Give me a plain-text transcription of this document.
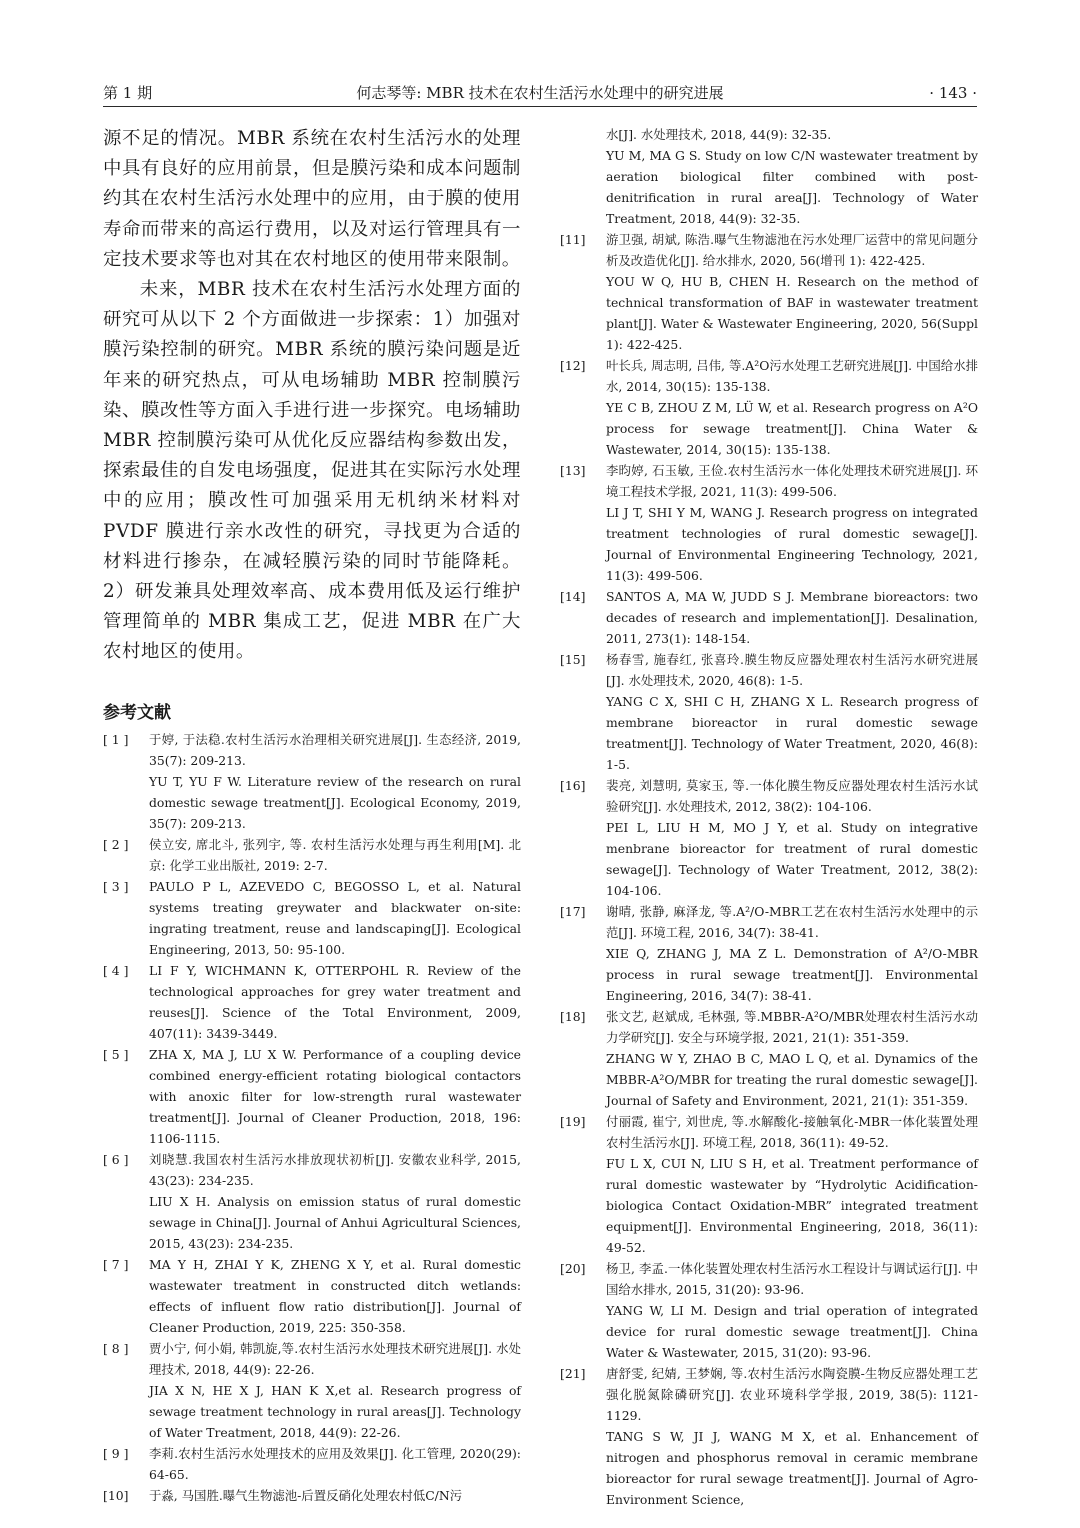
第 1 期	何志琴等: MBR 技术在农村生活污水处理中的研究进展	· 143 ·

源不足的情况。MBR 系统在农村生活污水的处理中具有良好的应用前景，但是膜污染和成本问题制约其在农村生活污水处理中的应用，由于膜的使用寿命而带来的高运行费用，以及对运行管理具有一定技术要求等也对其在农村地区的使用带来限制。

未来，MBR 技术在农村生活污水处理方面的研究可从以下 2 个方面做进一步探索：1）加强对膜污染控制的研究。MBR 系统的膜污染问题是近年来的研究热点，可从电场辅助 MBR 控制膜污染、膜改性等方面入手进行进一步探究。电场辅助 MBR 控制膜污染可从优化反应器结构参数出发，探索最佳的自发电场强度，促进其在实际污水处理中的应用；膜改性可加强采用无机纳米材料对 PVDF 膜进行亲水改性的研究，寻找更为合适的材料进行掺杂，在减轻膜污染的同时节能降耗。2）研发兼具处理效率高、成本费用低及运行维护管理简单的 MBR 集成工艺，促进 MBR 在广大农村地区的使用。

参考文献
[ 1 ]	于婷, 于法稳.农村生活污水治理相关研究进展[J]. 生态经济, 2019, 35(7): 209-213.
YU T, YU F W. Literature review of the research on rural domestic sewage treatment[J]. Ecological Economy, 2019, 35(7): 209-213.
[ 2 ]	侯立安, 席北斗, 张列宇, 等. 农村生活污水处理与再生利用[M]. 北京: 化学工业出版社, 2019: 2-7.
[ 3 ]	PAULO P L, AZEVEDO C, BEGOSSO L, et al. Natural systems treating greywater and blackwater on-site: ingrating treatment, reuse and landscaping[J]. Ecological Engineering, 2013, 50: 95-100.
[ 4 ]	LI F Y, WICHMANN K, OTTERPOHL R. Review of the technological approaches for grey water treatment and reuses[J]. Science of the Total Environment, 2009, 407(11): 3439-3449.
[ 5 ]	ZHA X, MA J, LU X W. Performance of a coupling device combined energy-efficient rotating biological contactors with anoxic filter for low-strength rural wastewater treatment[J]. Journal of Cleaner Production, 2018, 196: 1106-1115.
[ 6 ]	刘晓慧.我国农村生活污水排放现状初析[J]. 安徽农业科学, 2015, 43(23): 234-235.
LIU X H. Analysis on emission status of rural domestic sewage in China[J]. Journal of Anhui Agricultural Sciences, 2015, 43(23): 234-235.
[ 7 ]	MA Y H, ZHAI Y K, ZHENG X Y, et al. Rural domestic wastewater treatment in constructed ditch wetlands: effects of influent flow ratio distribution[J]. Journal of Cleaner Production, 2019, 225: 350-358.
[ 8 ]	贾小宁, 何小娟, 韩凯旋,等.农村生活污水处理技术研究进展[J]. 水处理技术, 2018, 44(9): 22-26.
JIA X N, HE X J, HAN K X,et al. Research progress of sewage treatment technology in rural areas[J]. Technology of Water Treatment, 2018, 44(9): 22-26.
[ 9 ]	李莉.农村生活污水处理技术的应用及效果[J]. 化工管理, 2020(29): 64-65.
[10]	于淼, 马国胜.曝气生物滤池-后置反硝化处理农村低C/N污
水[J]. 水处理技术, 2018, 44(9): 32-35.
YU M, MA G S. Study on low C/N wastewater treatment by aeration biological filter combined with post-denitrification in rural area[J]. Technology of Water Treatment, 2018, 44(9): 32-35.
[11]	游卫强, 胡斌, 陈浩.曝气生物滤池在污水处理厂运营中的常见问题分析及改造优化[J]. 给水排水, 2020, 56(增刊 1): 422-425.
YOU W Q, HU B, CHEN H. Research on the method of technical transformation of BAF in wastewater treatment plant[J]. Water & Wastewater Engineering, 2020, 56(Suppl 1): 422-425.
[12]	叶长兵, 周志明, 吕伟, 等.A²O污水处理工艺研究进展[J]. 中国给水排水, 2014, 30(15): 135-138.
YE C B, ZHOU Z M, LÜ W, et al. Research progress on A²O process for sewage treatment[J]. China Water & Wastewater, 2014, 30(15): 135-138.
[13]	李昀婷, 石玉敏, 王俭.农村生活污水一体化处理技术研究进展[J]. 环境工程技术学报, 2021, 11(3): 499-506.
LI J T, SHI Y M, WANG J. Research progress on integrated treatment technologies of rural domestic sewage[J]. Journal of Environmental Engineering Technology, 2021, 11(3): 499-506.
[14]	SANTOS A, MA W, JUDD S J. Membrane bioreactors: two decades of research and implementation[J]. Desalination, 2011, 273(1): 148-154.
[15]	杨春雪, 施春红, 张喜玲.膜生物反应器处理农村生活污水研究进展[J]. 水处理技术, 2020, 46(8): 1-5.
YANG C X, SHI C H, ZHANG X L. Research progress of membrane bioreactor in rural domestic sewage treatment[J]. Technology of Water Treatment, 2020, 46(8): 1-5.
[16]	裴亮, 刘慧明, 莫家玉, 等.一体化膜生物反应器处理农村生活污水试验研究[J]. 水处理技术, 2012, 38(2): 104-106.
PEI L, LIU H M, MO J Y, et al. Study on integrative menbrane bioreactor for treatment of rural domestic sewage[J]. Technology of Water Treatment, 2012, 38(2): 104-106.
[17]	谢晴, 张静, 麻泽龙, 等.A²/O-MBR工艺在农村生活污水处理中的示范[J]. 环境工程, 2016, 34(7): 38-41.
XIE Q, ZHANG J, MA Z L. Demonstration of A²/O-MBR process in rural sewage treatment[J]. Environmental Engineering, 2016, 34(7): 38-41.
[18]	张文艺, 赵斌成, 毛林强, 等.MBBR-A²O/MBR处理农村生活污水动力学研究[J]. 安全与环境学报, 2021, 21(1): 351-359.
ZHANG W Y, ZHAO B C, MAO L Q, et al. Dynamics of the MBBR-A²O/MBR for treating the rural domestic sewage[J]. Journal of Safety and Environment, 2021, 21(1): 351-359.
[19]	付丽霞, 崔宁, 刘世虎, 等.水解酸化-接触氧化-MBR一体化装置处理农村生活污水[J]. 环境工程, 2018, 36(11): 49-52.
FU L X, CUI N, LIU S H, et al. Treatment performance of rural domestic wastewater by “Hydrolytic Acidification-biologica Contact Oxidation-MBR” integrated treatment equipment[J]. Environmental Engineering, 2018, 36(11): 49-52.
[20]	杨卫, 李孟.一体化装置处理农村生活污水工程设计与调试运行[J]. 中国给水排水, 2015, 31(20): 93-96.
YANG W, LI M. Design and trial operation of integrated device for rural domestic sewage treatment[J]. China Water & Wastewater, 2015, 31(20): 93-96.
[21]	唐舒雯, 纪婧, 王梦娴, 等.农村生活污水陶瓷膜-生物反应器处理工艺强化脱氮除磷研究[J]. 农业环境科学学报, 2019, 38(5): 1121-1129.
TANG S W, JI J, WANG M X, et al. Enhancement of nitrogen and phosphorus removal in ceramic membrane bioreactor for rural sewage treatment[J]. Journal of Agro-Environment Science,
